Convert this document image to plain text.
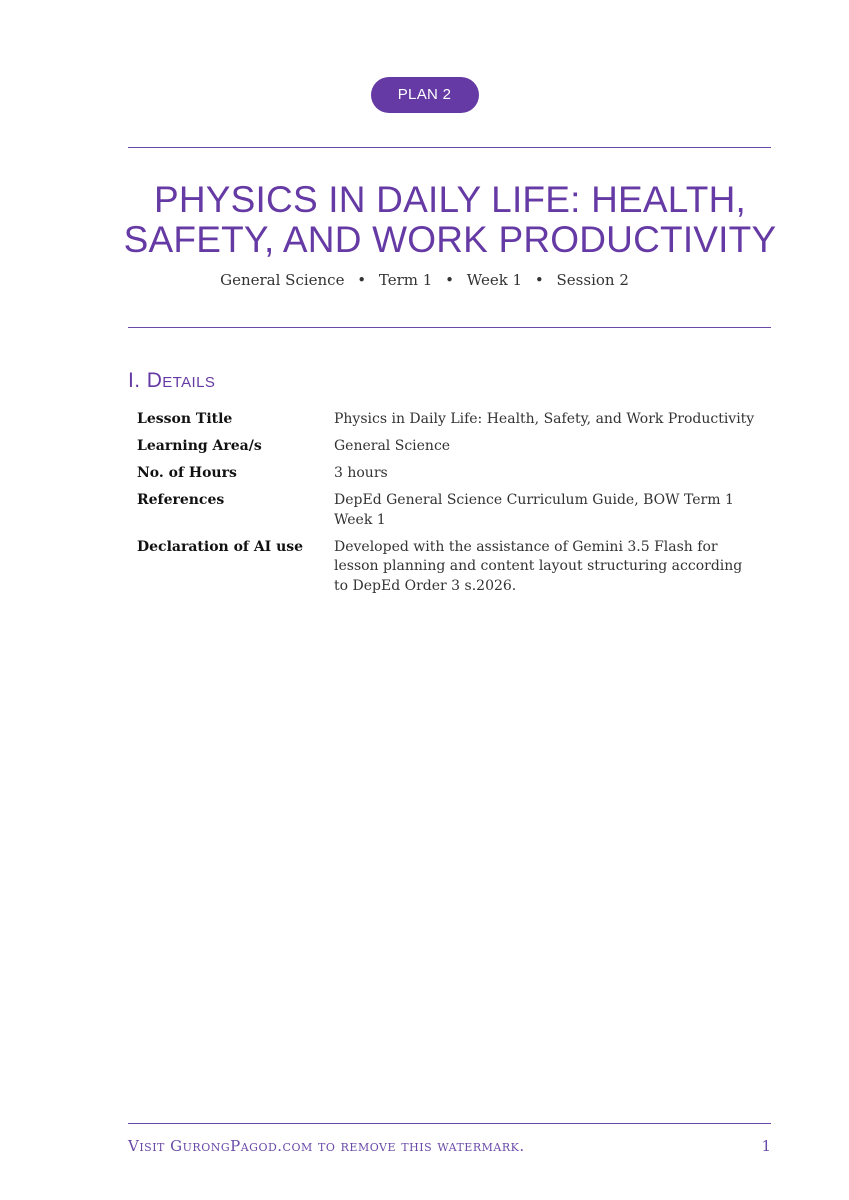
PLAN 2
PHYSICS IN DAILY LIFE: HEALTH, SAFETY, AND WORK PRODUCTIVITY
General Science • Term 1 • Week 1 • Session 2
I. Details
Lesson Title	Physics in Daily Life: Health, Safety, and Work Productivity
Learning Area/s	General Science
No. of Hours	3 hours
References	DepEd General Science Curriculum Guide, BOW Term 1 Week 1
Declaration of AI use	Developed with the assistance of Gemini 3.5 Flash for lesson planning and content layout structuring according to DepEd Order 3 s.2026.
Visit GurongPagod.com to remove this watermark.	1
